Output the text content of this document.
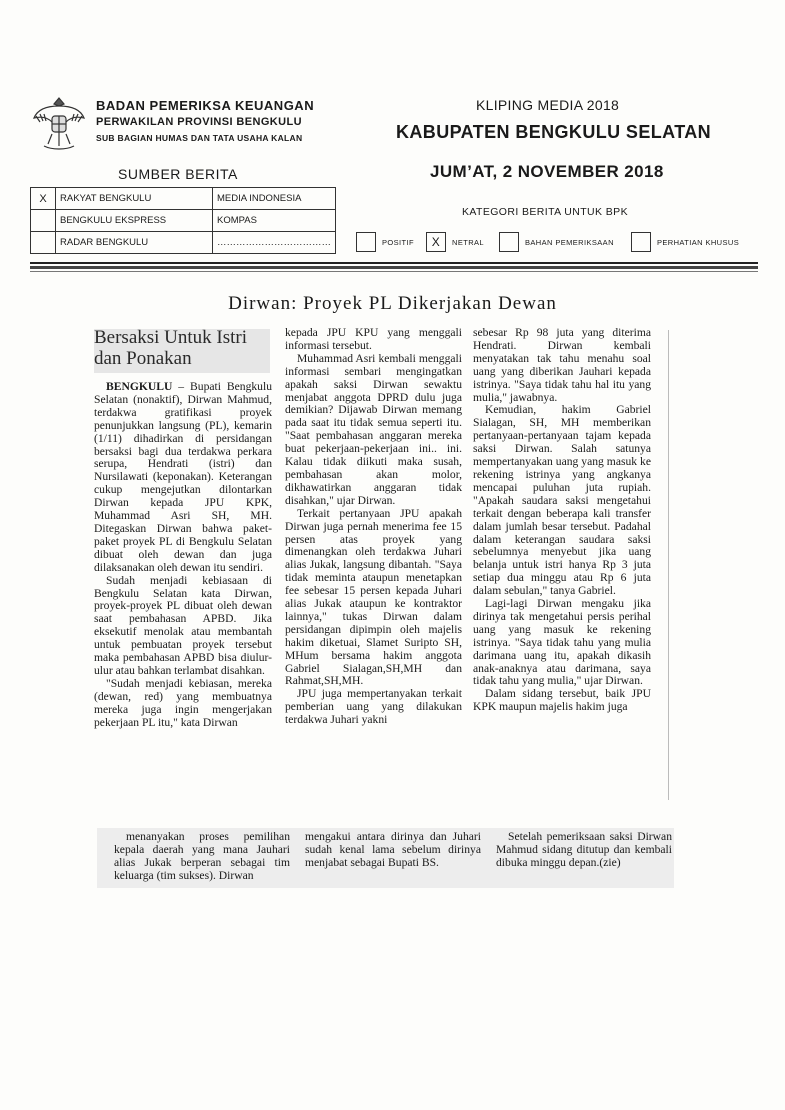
BADAN PEMERIKSA KEUANGAN
PERWAKILAN PROVINSI BENGKULU
SUB BAGIAN HUMAS DAN TATA USAHA KALAN
SUMBER BERITA
X	RAKYAT BENGKULU	MEDIA INDONESIA
	BENGKULU EKSPRESS	KOMPAS
	RADAR BENGKULU	………………………………
KLIPING MEDIA 2018
KABUPATEN BENGKULU SELATAN
JUM’AT, 2 NOVEMBER 2018
KATEGORI BERITA UNTUK BPK
POSITIF	X	NETRAL	BAHAN PEMERIKSAAN	PERHATIAN KHUSUS
Dirwan: Proyek PL Dikerjakan Dewan
Bersaksi Untuk Istri dan Ponakan

BENGKULU – Bupati Bengkulu Selatan (nonaktif), Dirwan Mahmud, terdakwa gratifikasi proyek penunjukkan langsung (PL), kemarin (1/11) dihadirkan di persidangan bersaksi bagi dua terdakwa perkara serupa, Hendrati (istri) dan Nursilawati (keponakan). Keterangan cukup mengejutkan dilontarkan Dirwan kepada JPU KPK, Muhammad Asri SH, MH. Ditegaskan Dirwan bahwa paket-paket proyek PL di Bengkulu Selatan dibuat oleh dewan dan juga dilaksanakan oleh dewan itu sendiri.

Sudah menjadi kebiasaan di Bengkulu Selatan kata Dirwan, proyek-proyek PL dibuat oleh dewan saat pembahasan APBD. Jika eksekutif menolak atau membantah untuk pembuatan proyek tersebut maka pembahasan APBD bisa diulur-ulur atau bahkan terlambat disahkan.

"Sudah menjadi kebiasan, mereka (dewan, red) yang membuatnya mereka juga ingin mengerjakan pekerjaan PL itu," kata Dirwan

kepada JPU KPU yang menggali informasi tersebut.

Muhammad Asri kembali menggali informasi sembari mengingatkan apakah saksi Dirwan sewaktu menjabat anggota DPRD dulu juga demikian? Dijawab Dirwan memang pada saat itu tidak semua seperti itu. "Saat pembahasan anggaran mereka buat pekerjaan-pekerjaan ini.. ini. Kalau tidak diikuti maka susah, pembahasan akan molor, dikhawatirkan anggaran tidak disahkan," ujar Dirwan.

Terkait pertanyaan JPU apakah Dirwan juga pernah menerima fee 15 persen atas proyek yang dimenangkan oleh terdakwa Juhari alias Jukak, langsung dibantah. "Saya tidak meminta ataupun menetapkan fee sebesar 15 persen kepada Juhari alias Jukak ataupun ke kontraktor lainnya," tukas Dirwan dalam persidangan dipimpin oleh majelis hakim diketuai, Slamet Suripto SH, MHum bersama hakim anggota Gabriel Sialagan,SH,MH dan Rahmat,SH,MH.

JPU juga mempertanyakan terkait pemberian uang yang dilakukan terdakwa Juhari yakni

sebesar Rp 98 juta yang diterima Hendrati. Dirwan kembali menyatakan tak tahu menahu soal uang yang diberikan Jauhari kepada istrinya. "Saya tidak tahu hal itu yang mulia," jawabnya.

Kemudian, hakim Gabriel Sialagan, SH, MH memberikan pertanyaan-pertanyaan tajam kepada saksi Dirwan. Salah satunya mempertanyakan uang yang masuk ke rekening istrinya yang angkanya mencapai puluhan juta rupiah. "Apakah saudara saksi mengetahui terkait dengan beberapa kali transfer dalam jumlah besar tersebut. Padahal dalam keterangan saudara saksi sebelumnya menyebut jika uang belanja untuk istri hanya Rp 3 juta setiap dua minggu atau Rp 6 juta dalam sebulan," tanya Gabriel.

Lagi-lagi Dirwan mengaku jika dirinya tak mengetahui persis perihal uang yang masuk ke rekening istrinya. "Saya tidak tahu yang mulia darimana uang itu, apakah dikasih anak-anaknya atau darimana, saya tidak tahu yang mulia," ujar Dirwan.

Dalam sidang tersebut, baik JPU KPK maupun majelis hakim juga

menanyakan proses pemilihan kepala daerah yang mana Jauhari alias Jukak berperan sebagai tim keluarga (tim sukses). Dirwan

mengakui antara dirinya dan Juhari sudah kenal lama sebelum dirinya menjabat sebagai Bupati BS.

Setelah pemeriksaan saksi Dirwan Mahmud sidang ditutup dan kembali dibuka minggu depan.(zie)
